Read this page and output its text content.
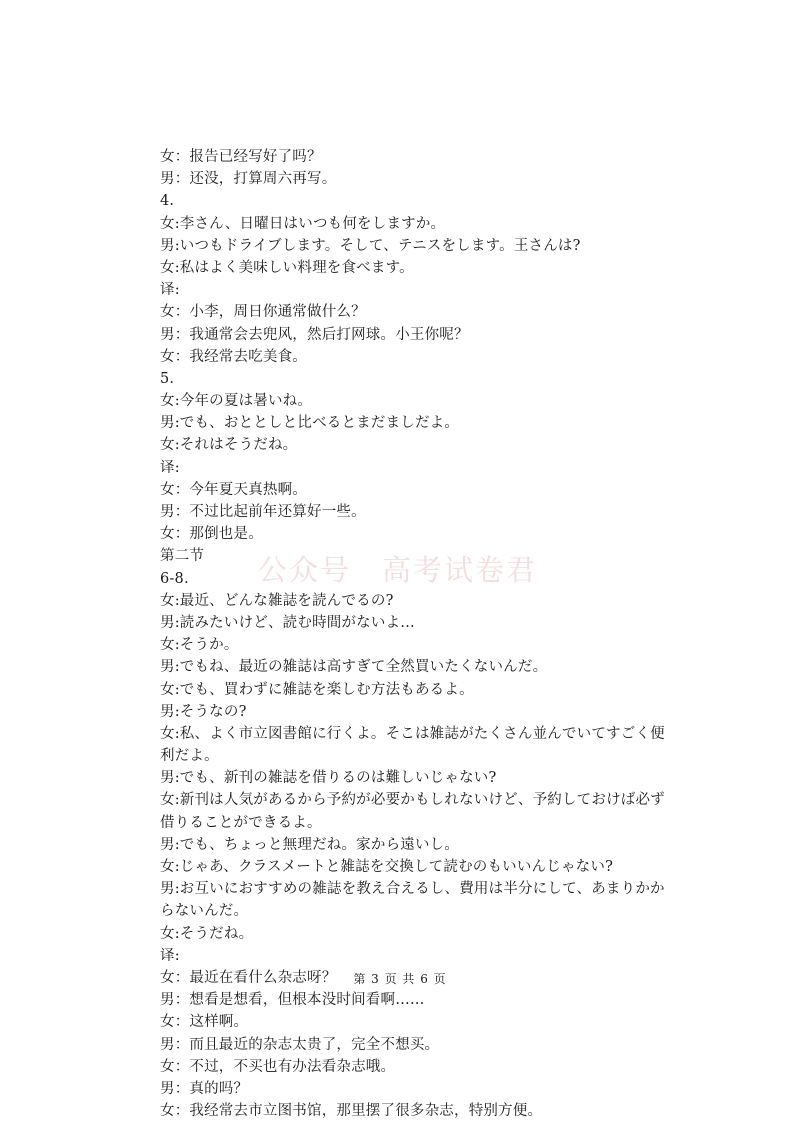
女：报告已经写好了吗？
男：还没，打算周六再写。
4.
女:李さん、日曜日はいつも何をしますか。
男:いつもドライブします。そして、テニスをします。王さんは?
女:私はよく美味しい料理を食べます。
译:
女：小李，周日你通常做什么？
男：我通常会去兜风，然后打网球。小王你呢？
女：我经常去吃美食。
5.
女:今年の夏は暑いね。
男:でも、おととしと比べるとまだましだよ。
女:それはそうだね。
译:
女：今年夏天真热啊。
男：不过比起前年还算好一些。
女：那倒也是。
第二节
6-8.
女:最近、どんな雑誌を読んでるの?
男:読みたいけど、読む時間がないよ…
女:そうか。
男:でもね、最近の雑誌は高すぎて全然買いたくないんだ。
女:でも、買わずに雑誌を楽しむ方法もあるよ。
男:そうなの?
女:私、よく市立図書館に行くよ。そこは雑誌がたくさん並んでいてすごく便
利だよ。
男:でも、新刊の雑誌を借りるのは難しいじゃない?
女:新刊は人気があるから予約が必要かもしれないけど、予約しておけば必ず
借りることができるよ。
男:でも、ちょっと無理だね。家から遠いし。
女:じゃあ、クラスメートと雑誌を交換して読むのもいいんじゃない?
男:お互いにおすすめの雑誌を教え合えるし、費用は半分にして、あまりかか
らないんだ。
女:そうだね。
译:
女：最近在看什么杂志呀？
男：想看是想看，但根本没时间看啊……
女：这样啊。
男：而且最近的杂志太贵了，完全不想买。
女：不过，不买也有办法看杂志哦。
男：真的吗？
女：我经常去市立图书馆，那里摆了很多杂志，特别方便。
公众号　高考试卷君
第 3 页 共 6 页
